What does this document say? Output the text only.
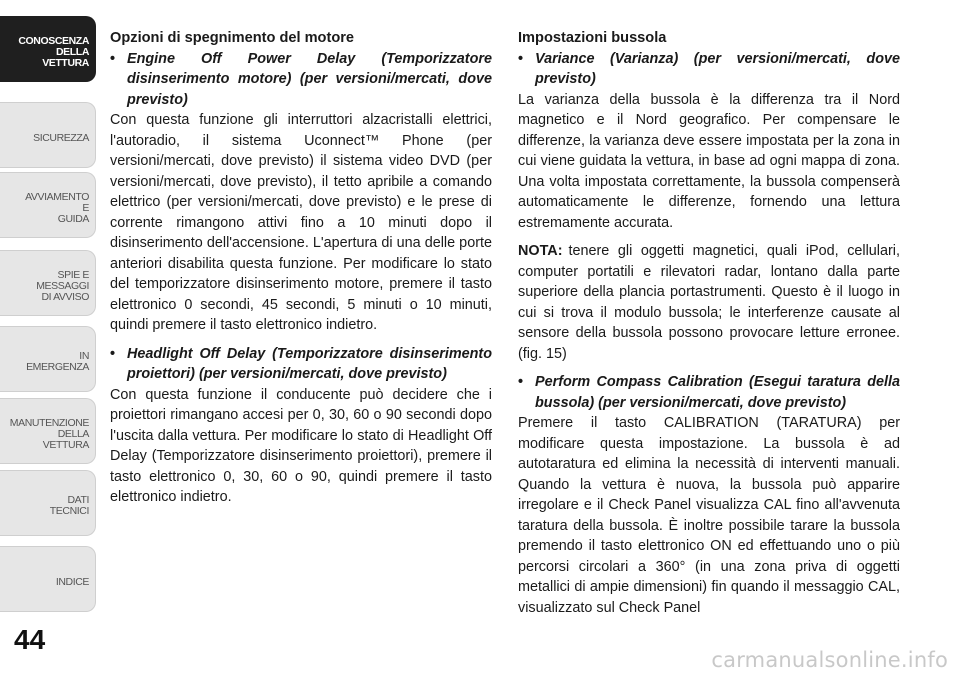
CONOSCENZA
DELLA
VETTURA
SICUREZZA
AVVIAMENTO
E
GUIDA
SPIE E
MESSAGGI
DI AVVISO
IN
EMERGENZA
MANUTENZIONE
DELLA
VETTURA
DATI
TECNICI
INDICE
44

Opzioni di spegnimento del motore

• Engine Off Power Delay (Temporizzatore disinserimento motore) (per versioni/mercati, dove previsto)

Con questa funzione gli interruttori alzacristalli elettrici, l'autoradio, il sistema Uconnect™ Phone (per versioni/mercati, dove previsto) il sistema video DVD (per versioni/mercati, dove previsto), il tetto apribile a comando elettrico (per versioni/mercati, dove previsto) e le prese di corrente rimangono attivi fino a 10 minuti dopo il disinserimento dell'accensione. L'apertura di una delle porte anteriori disabilita questa funzione. Per modificare lo stato del temporizzatore disinserimento motore, premere il tasto elettronico 0 secondi, 45 secondi, 5 minuti o 10 minuti, quindi premere il tasto elettronico indietro.

• Headlight Off Delay (Temporizzatore disinserimento proiettori) (per versioni/mercati, dove previsto)

Con questa funzione il conducente può decidere che i proiettori rimangano accesi per 0, 30, 60 o 90 secondi dopo l'uscita dalla vettura. Per modificare lo stato di Headlight Off Delay (Temporizzatore disinserimento proiettori), premere il tasto elettronico 0, 30, 60 o 90, quindi premere il tasto elettronico indietro.

Impostazioni bussola

• Variance (Varianza) (per versioni/mercati, dove previsto)

La varianza della bussola è la differenza tra il Nord magnetico e il Nord geografico. Per compensare le differenze, la varianza deve essere impostata per la zona in cui viene guidata la vettura, in base ad ogni mappa di zona. Una volta impostata correttamente, la bussola compenserà automaticamente le differenze, fornendo una lettura estremamente accurata.

NOTA: tenere gli oggetti magnetici, quali iPod, cellulari, computer portatili e rilevatori radar, lontano dalla parte superiore della plancia portastrumenti. Questo è il luogo in cui si trova il modulo bussola; le interferenze causate al sensore della bussola possono provocare letture erronee. (fig. 15)

• Perform Compass Calibration (Esegui taratura della bussola) (per versioni/mercati, dove previsto)

Premere il tasto CALIBRATION (TARATURA) per modificare questa impostazione. La bussola è ad autotaratura ed elimina la necessità di interventi manuali. Quando la vettura è nuova, la bussola può apparire irregolare e il Check Panel visualizza CAL fino all'avvenuta taratura della bussola. È inoltre possibile tarare la bussola premendo il tasto elettronico ON ed effettuando uno o più percorsi circolari a 360° (in una zona priva di oggetti metallici di ampie dimensioni) fin quando il messaggio CAL, visualizzato sul Check Panel

carmanualsonline.info
